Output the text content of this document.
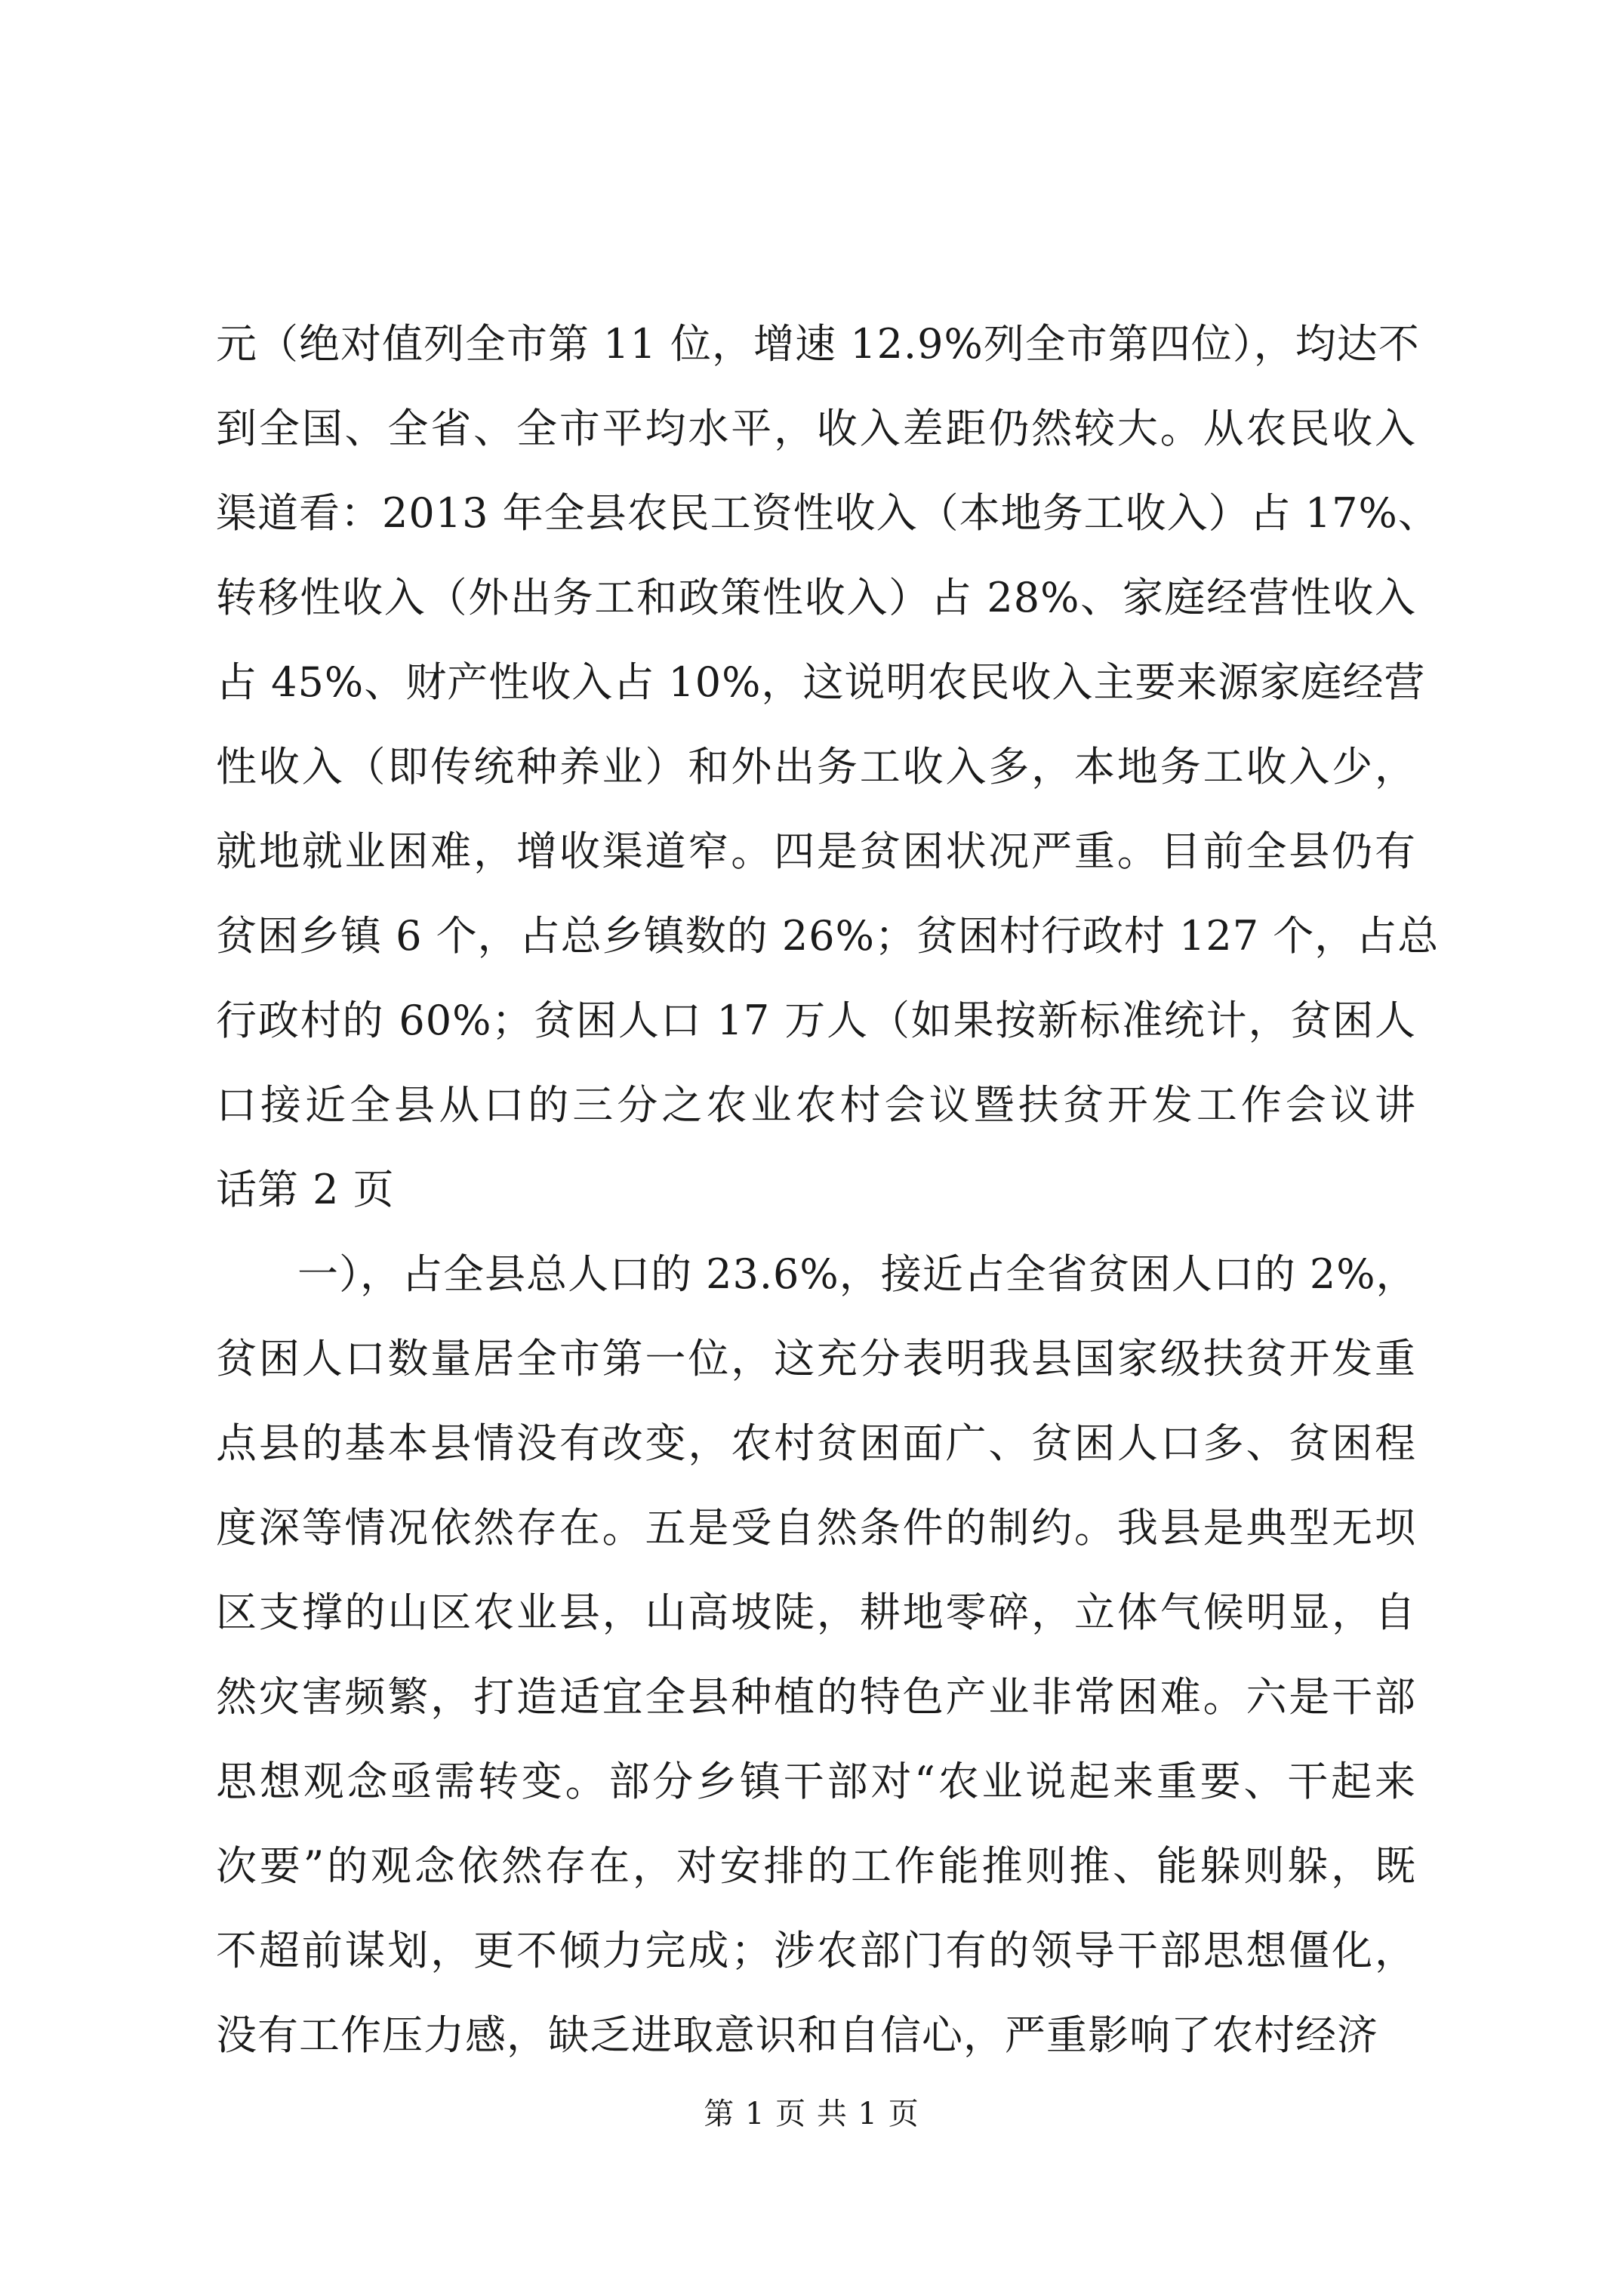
元（绝对值列全市第 11 位，增速 12.9%列全市第四位），均达不
到全国、全省、全市平均水平，收入差距仍然较大。从农民收入
渠道看：2013 年全县农民工资性收入（本地务工收入）占 17%、
转移性收入（外出务工和政策性收入）占 28%、家庭经营性收入
占 45%、财产性收入占 10%，这说明农民收入主要来源家庭经营
性收入（即传统种养业）和外出务工收入多，本地务工收入少，
就地就业困难，增收渠道窄。四是贫困状况严重。目前全县仍有
贫困乡镇 6 个，占总乡镇数的 26%；贫困村行政村 127 个，占总
行政村的 60%；贫困人口 17 万人（如果按新标准统计，贫困人
口接近全县从口的三分之农业农村会议暨扶贫开发工作会议讲
话第 2 页
一），占全县总人口的 23.6%，接近占全省贫困人口的 2%，
贫困人口数量居全市第一位，这充分表明我县国家级扶贫开发重
点县的基本县情没有改变，农村贫困面广、贫困人口多、贫困程
度深等情况依然存在。五是受自然条件的制约。我县是典型无坝
区支撑的山区农业县，山高坡陡，耕地零碎，立体气候明显，自
然灾害频繁，打造适宜全县种植的特色产业非常困难。六是干部
思想观念亟需转变。部分乡镇干部对“农业说起来重要、干起来
次要”的观念依然存在，对安排的工作能推则推、能躲则躲，既
不超前谋划，更不倾力完成；涉农部门有的领导干部思想僵化，
没有工作压力感，缺乏进取意识和自信心，严重影响了农村经济
第 1 页 共 1 页
